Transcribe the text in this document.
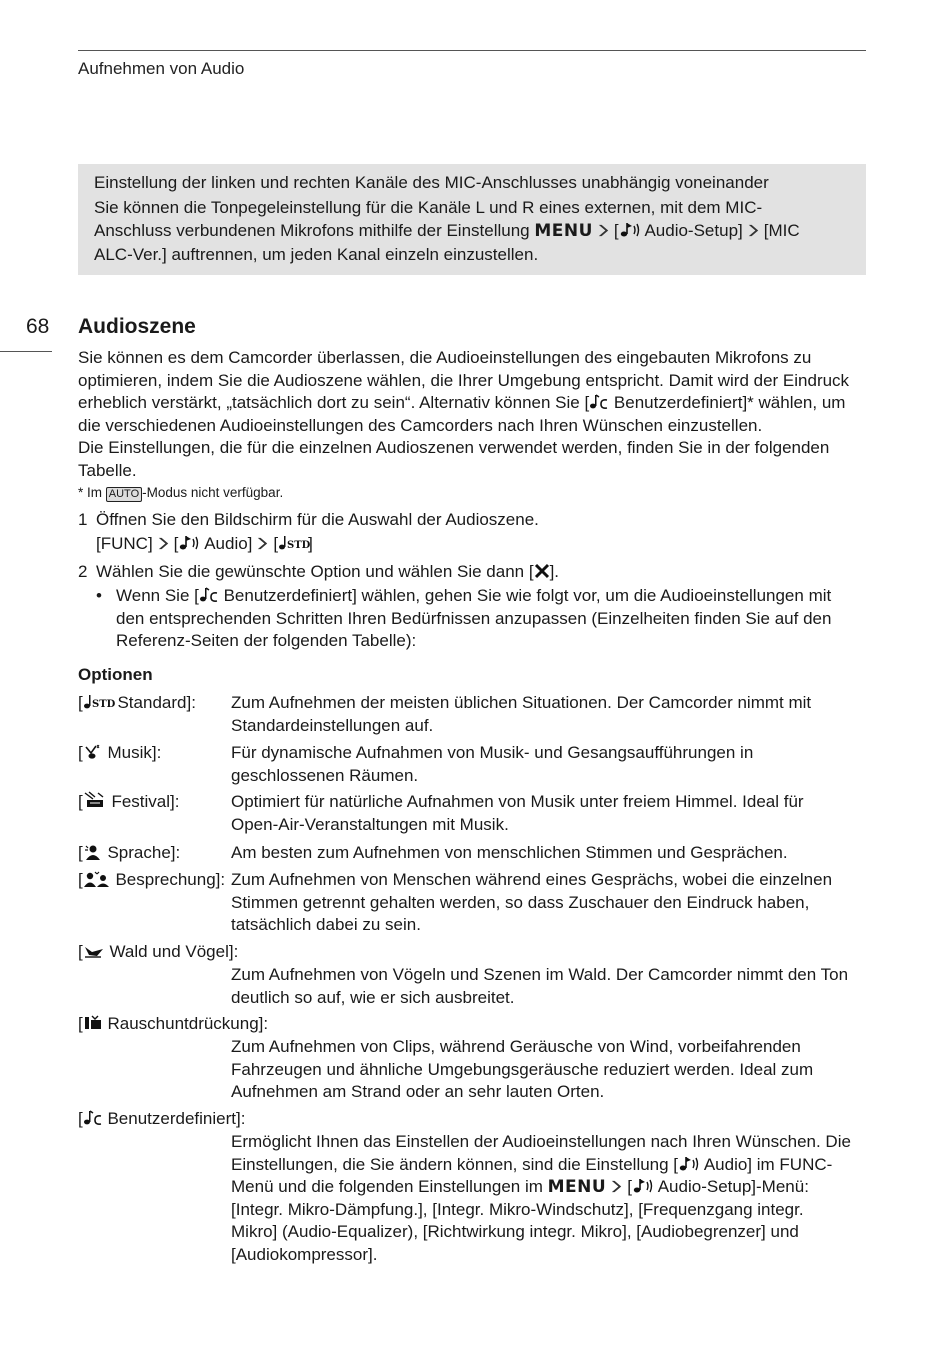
Aufnehmen von Audio
Einstellung der linken und rechten Kanäle des MIC-Anschlusses unabhängig voneinander
Sie können die Tonpegeleinstellung für die Kanäle L und R eines externen, mit dem MIC-
Anschluss verbundenen Mikrofons mithilfe der Einstellung MENU [ Audio-Setup] [MIC
ALC-Ver.] auftrennen, um jeden Kanal einzeln einzustellen.
68 Audioszene
Sie können es dem Camcorder überlassen, die Audioeinstellungen des eingebauten Mikrofons zu
optimieren, indem Sie die Audioszene wählen, die Ihrer Umgebung entspricht. Damit wird der Eindruck
erheblich verstärkt, „tatsächlich dort zu sein“. Alternativ können Sie [ Benutzerdefiniert]* wählen, um
die verschiedenen Audioeinstellungen des Camcorders nach Ihren Wünschen einzustellen.
Die Einstellungen, die für die einzelnen Audioszenen verwendet werden, finden Sie in der folgenden
Tabelle.
* Im AUTO -Modus nicht verfügbar.
1 Öffnen Sie den Bildschirm für die Auswahl der Audioszene.
[FUNC] [ Audio] [ STD
]
2 Wählen Sie die gewünschte Option und wählen Sie dann [ ].
• Wenn Sie [ Benutzerdefiniert] wählen, gehen Sie wie folgt vor, um die Audioeinstellungen mit
den entsprechenden Schritten Ihren Bedürfnissen anzupassen (Einzelheiten finden Sie auf den
Referenz-Seiten der folgenden Tabelle):
Optionen
[ STD Standard]: Zum Aufnehmen der meisten üblichen Situationen. Der Camcorder nimmt mit
Standardeinstellungen auf.
[ Musik]:	Für dynamische Aufnahmen von Musik- und Gesangsaufführungen in
geschlossenen Räumen.
[ Festival]:	Optimiert für natürliche Aufnahmen von Musik unter freiem Himmel. Ideal für
Open-Air-Veranstaltungen mit Musik.
[ Sprache]:	Am besten zum Aufnehmen von menschlichen Stimmen und Gesprächen.
[ Besprechung]: Zum Aufnehmen von Menschen während eines Gesprächs, wobei die einzelnen
Stimmen getrennt gehalten werden, so dass Zuschauer den Eindruck haben,
tatsächlich dabei zu sein.
[ Wald und Vögel]:
Zum Aufnehmen von Vögeln und Szenen im Wald. Der Camcorder nimmt den Ton
deutlich so auf, wie er sich ausbreitet.
[ Rauschuntdrückung]:
Zum Aufnehmen von Clips, während Geräusche von Wind, vorbeifahrenden
Fahrzeugen und ähnliche Umgebungsgeräusche reduziert werden. Ideal zum
Aufnehmen am Strand oder an sehr lauten Orten.
[ Benutzerdefiniert]:
Ermöglicht Ihnen das Einstellen der Audioeinstellungen nach Ihren Wünschen. Die
Einstellungen, die Sie ändern können, sind die Einstellung [ Audio] im FUNC-
Menü und die folgenden Einstellungen im MENU [ Audio-Setup]-Menü:
[Integr. Mikro-Dämpfung.], [Integr. Mikro-Windschutz], [Frequenzgang integr.
Mikro] (Audio-Equalizer), [Richtwirkung integr. Mikro], [Audiobegrenzer] und
[Audiokompressor].
